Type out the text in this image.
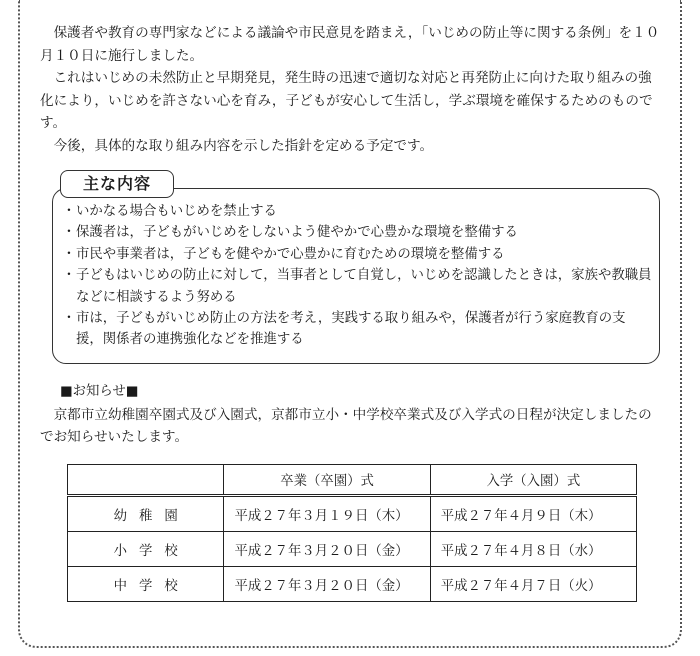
保護者や教育の専門家などによる議論や市民意見を踏まえ，「いじめの防止等に関する条例」を１０月１０日に施行しました。

これはいじめの未然防止と早期発見，発生時の迅速で適切な対応と再発防止に向けた取り組みの強化により，いじめを許さない心を育み，子どもが安心して生活し，学ぶ環境を確保するためのものです。

今後，具体的な取り組み内容を示した指針を定める予定です。

主な内容
・いかなる場合もいじめを禁止する
・保護者は，子どもがいじめをしないよう健やかで心豊かな環境を整備する
・市民や事業者は，子どもを健やかで心豊かに育むための環境を整備する
・子どもはいじめの防止に対して，当事者として自覚し，いじめを認識したときは，家族や教職員などに相談するよう努める
・市は，子どもがいじめ防止の方法を考え，実践する取り組みや，保護者が行う家庭教育の支援，関係者の連携強化などを推進する
■お知らせ■

京都市立幼稚園卒園式及び入園式，京都市立小・中学校卒業式及び入学式の日程が決定しましたのでお知らせいたします。

	卒業（卒園）式	入学（入園）式
幼稚園	平成２７年３月１９日（木）	平成２７年４月９日（木）
小学校	平成２７年３月２０日（金）	平成２７年４月８日（水）
中学校	平成２７年３月２０日（金）	平成２７年４月７日（火）
